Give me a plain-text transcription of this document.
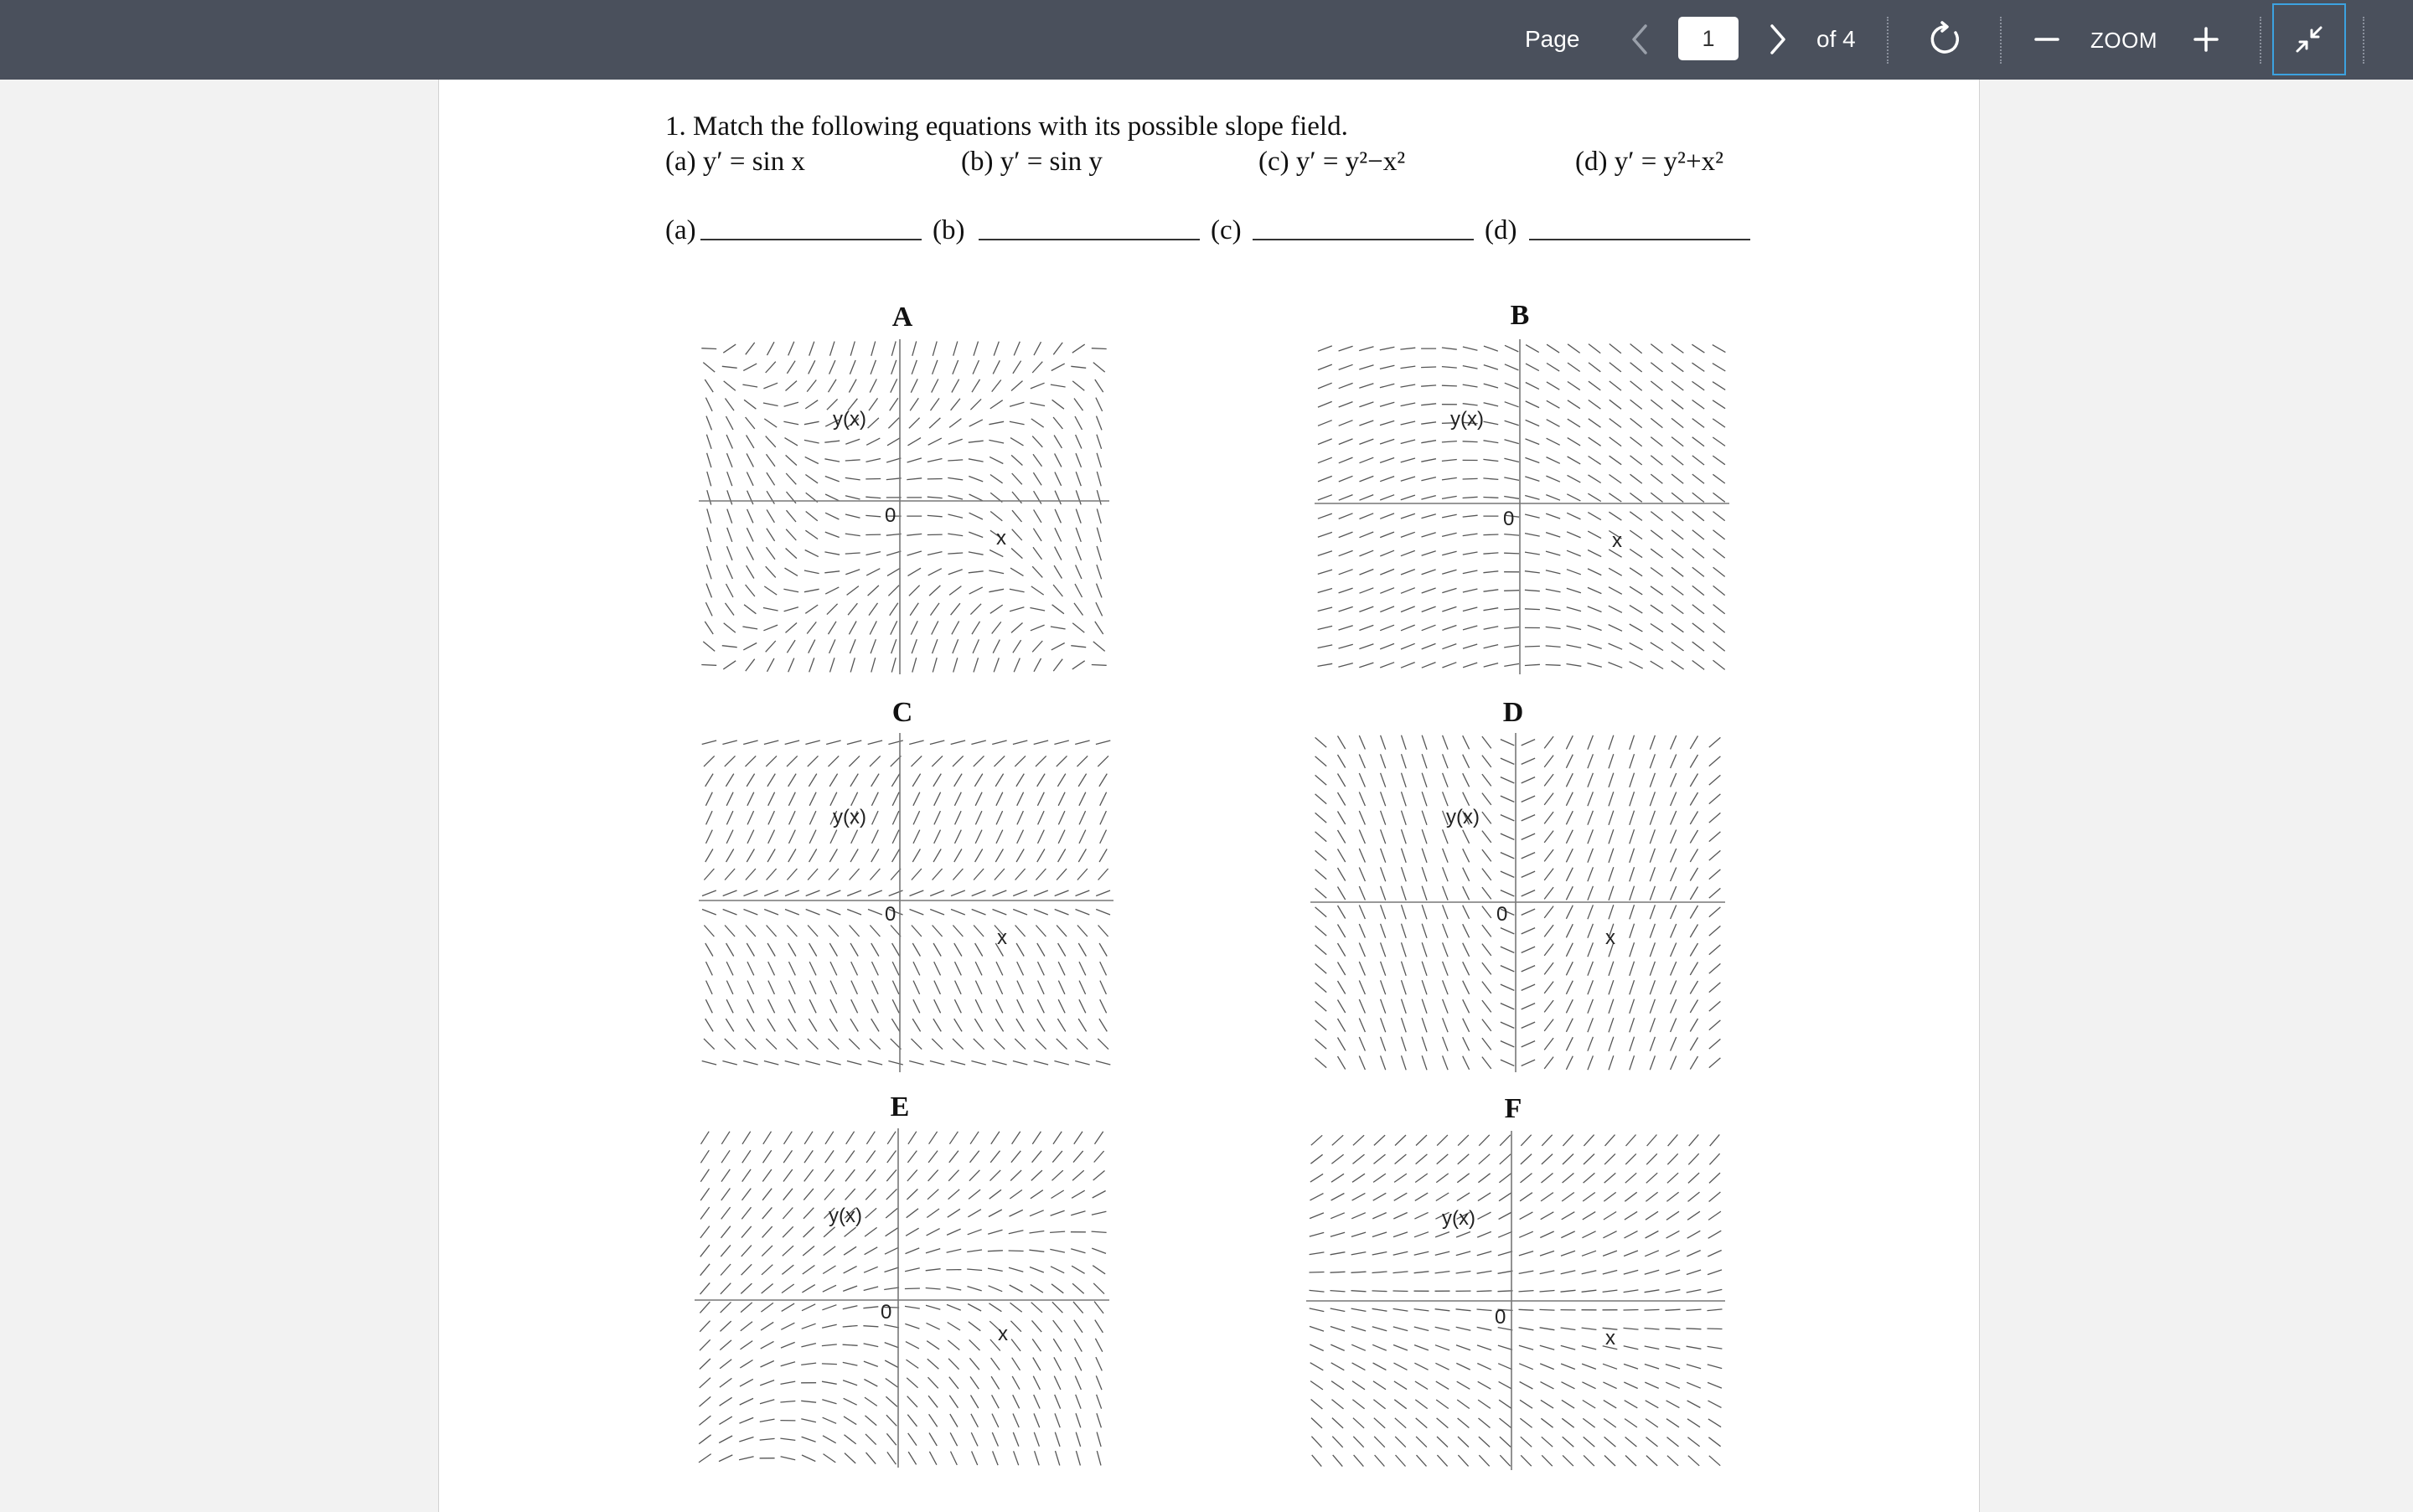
Page
1	of 4	ZOOM
1. Match the following equations with its possible slope field.
(a) y′ = sin x	(b) y′ = sin y	(c) y′ = y²−x²	(d) y′ = y²+x²
(a)	(b)	(c)	(d)
A
y(x)
0
x
B
y(x)
0
x
C
y(x)
0
x
D
y(x)
0
x
E
y(x)
0
x
F
y(x)
0
x
